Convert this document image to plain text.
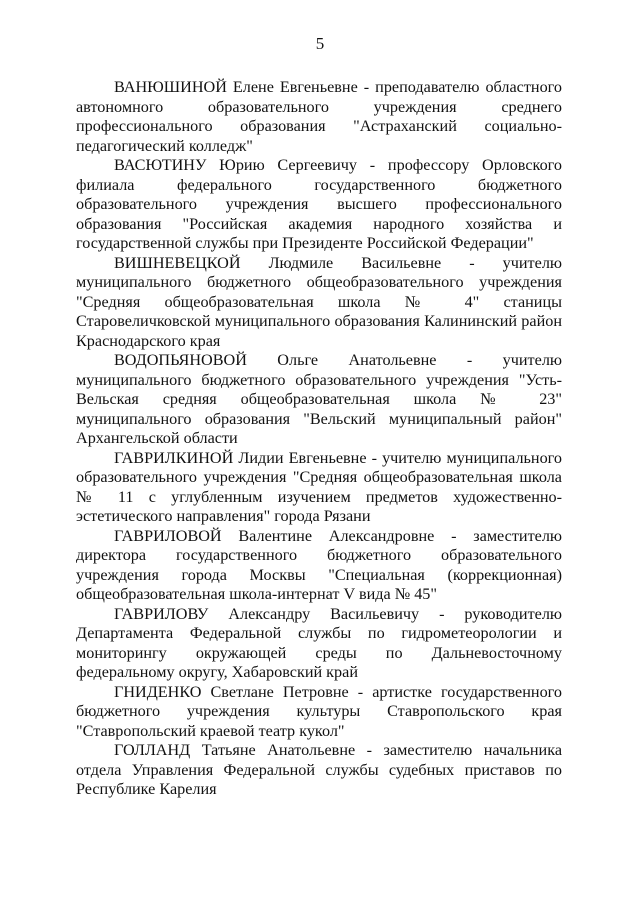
5

ВАНЮШИНОЙ Елене Евгеньевне - преподавателю областного автономного образовательного учреждения среднего профессионального образования "Астраханский социально-педагогический колледж"

ВАСЮТИНУ Юрию Сергеевичу - профессору Орловского филиала федерального государственного бюджетного образовательного учреждения высшего профессионального образования "Российская академия народного хозяйства и государственной службы при Президенте Российской Федерации"

ВИШНЕВЕЦКОЙ Людмиле Васильевне - учителю муниципального бюджетного общеобразовательного учреждения "Средняя общеобразовательная школа № 4" станицы Старовеличковской муниципального образования Калининский район Краснодарского края

ВОДОПЬЯНОВОЙ Ольге Анатольевне - учителю муниципального бюджетного образовательного учреждения "Усть-Вельская средняя общеобразовательная школа № 23" муниципального образования "Вельский муниципальный район" Архангельской области

ГАВРИЛКИНОЙ Лидии Евгеньевне - учителю муниципального образовательного учреждения "Средняя общеобразовательная школа № 11 с углубленным изучением предметов художественно-эстетического направления" города Рязани

ГАВРИЛОВОЙ Валентине Александровне - заместителю директора государственного бюджетного образовательного учреждения города Москвы "Специальная (коррекционная) общеобразовательная школа-интернат V вида № 45"

ГАВРИЛОВУ Александру Васильевичу - руководителю Департамента Федеральной службы по гидрометеорологии и мониторингу окружающей среды по Дальневосточному федеральному округу, Хабаровский край

ГНИДЕНКО Светлане Петровне - артистке государственного бюджетного учреждения культуры Ставропольского края "Ставропольский краевой театр кукол"

ГОЛЛАНД Татьяне Анатольевне - заместителю начальника отдела Управления Федеральной службы судебных приставов по Республике Карелия
